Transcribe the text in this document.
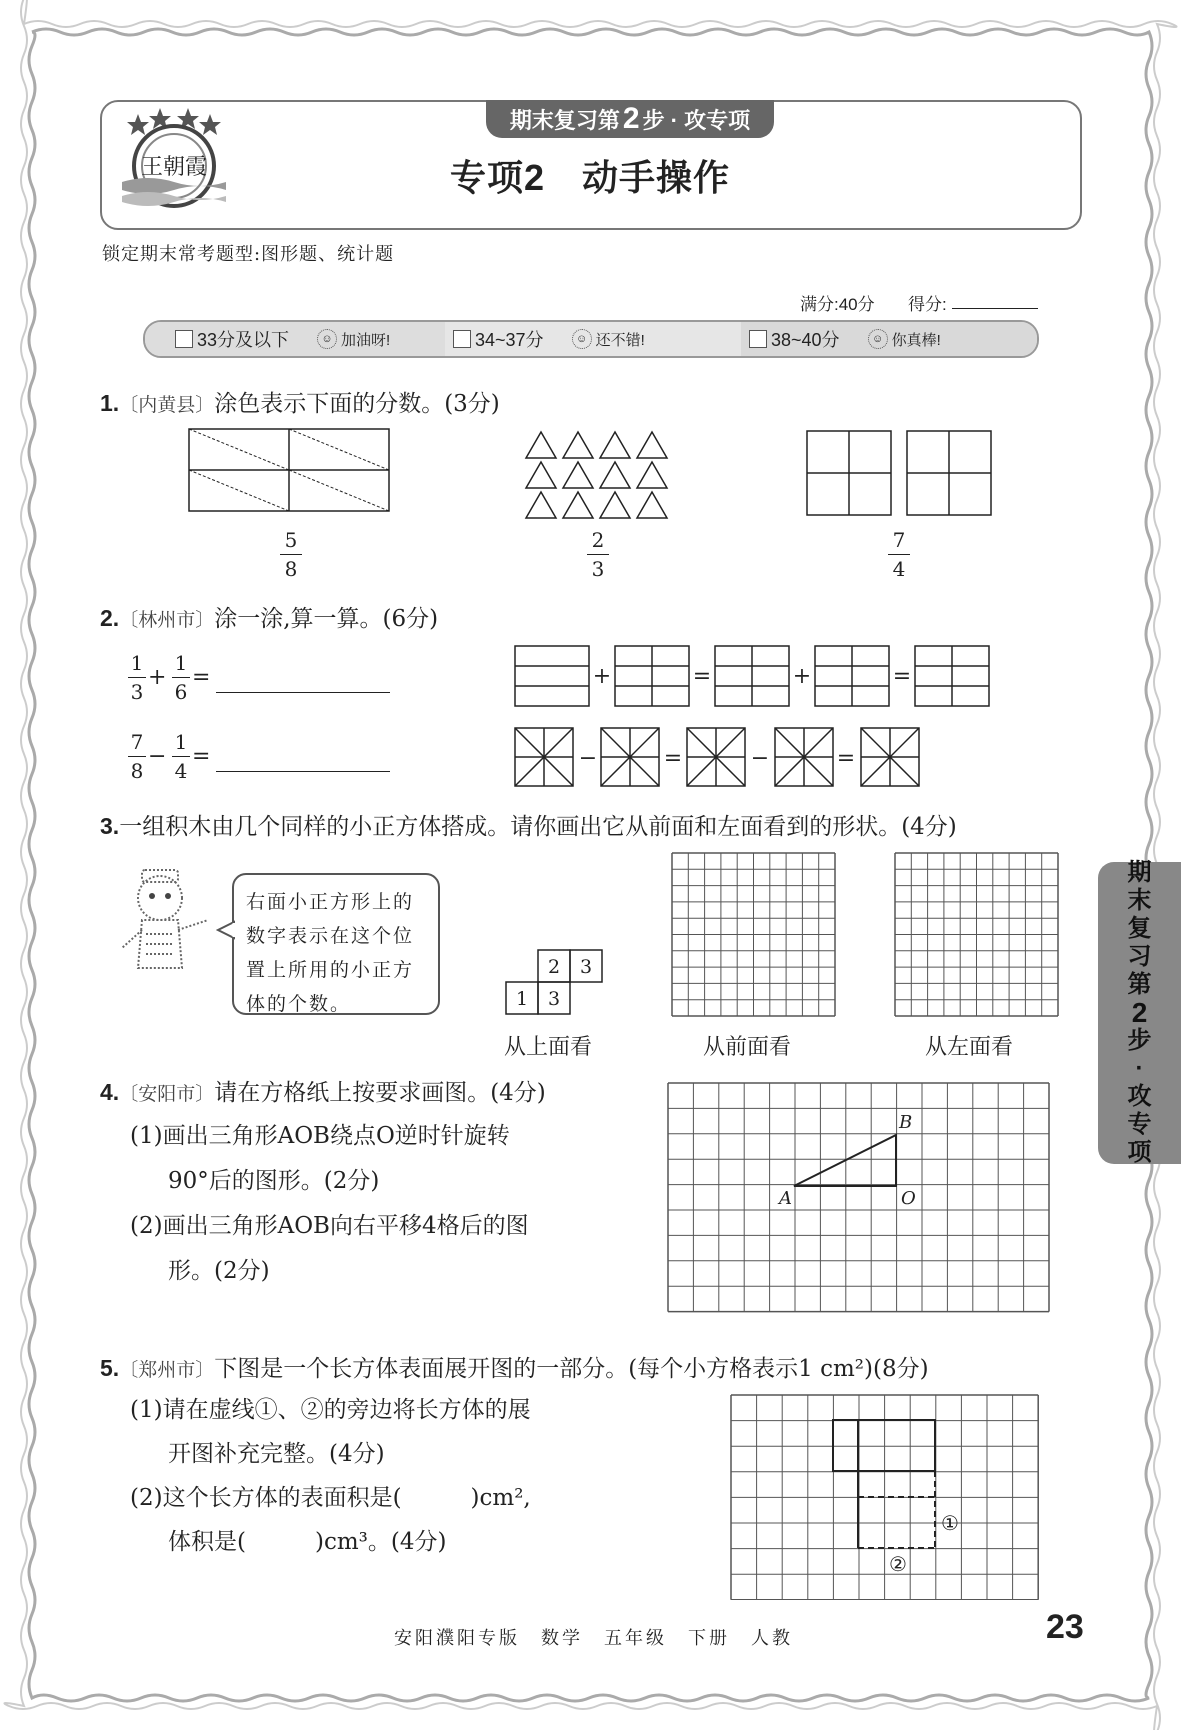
王朝霞
期末复习第 2 步 · 攻专项
专项2　动手操作
锁定期末常考题型:图形题、统计题
满分:40分 得分:
33分及以下	☺ 加油呀!	34~37分	☺ 还不错!	38~40分	☺ 你真棒!
1.〔内黄县〕涂色表示下面的分数。(3分)
5
8
2
3
7
4
2.〔林州市〕涂一涂,算一算。(6分)
1
3
+
1
6
=
7
8
−
1
4
=
+	=	+	=
−	=	−	=
3.一组积木由几个同样的小正方体搭成。请你画出它从前面和左面看到的形状。(4分)
右面小正方形上的数字表示在这个位置上所用的小正方体的个数。
2 3
1 3
从上面看	从前面看	从左面看
4.〔安阳市〕请在方格纸上按要求画图。(4分)
(1)画出三角形AOB绕点O逆时针旋转
90°后的图形。(2分)
(2)画出三角形AOB向右平移4格后的图
形。(2分)
A
B
O
5.〔郑州市〕下图是一个长方体表面展开图的一部分。(每个小方格表示1 cm²)(8分)
(1)请在虚线①、②的旁边将长方体的展
开图补充完整。(4分)
(2)这个长方体的表面积是(　　　)cm²,
体积是(　　　)cm³。(4分)
①
②
期
末
复
习
第
2
步
·
攻
专
项
安阳濮阳专版　数学　五年级　下册　人教	23
